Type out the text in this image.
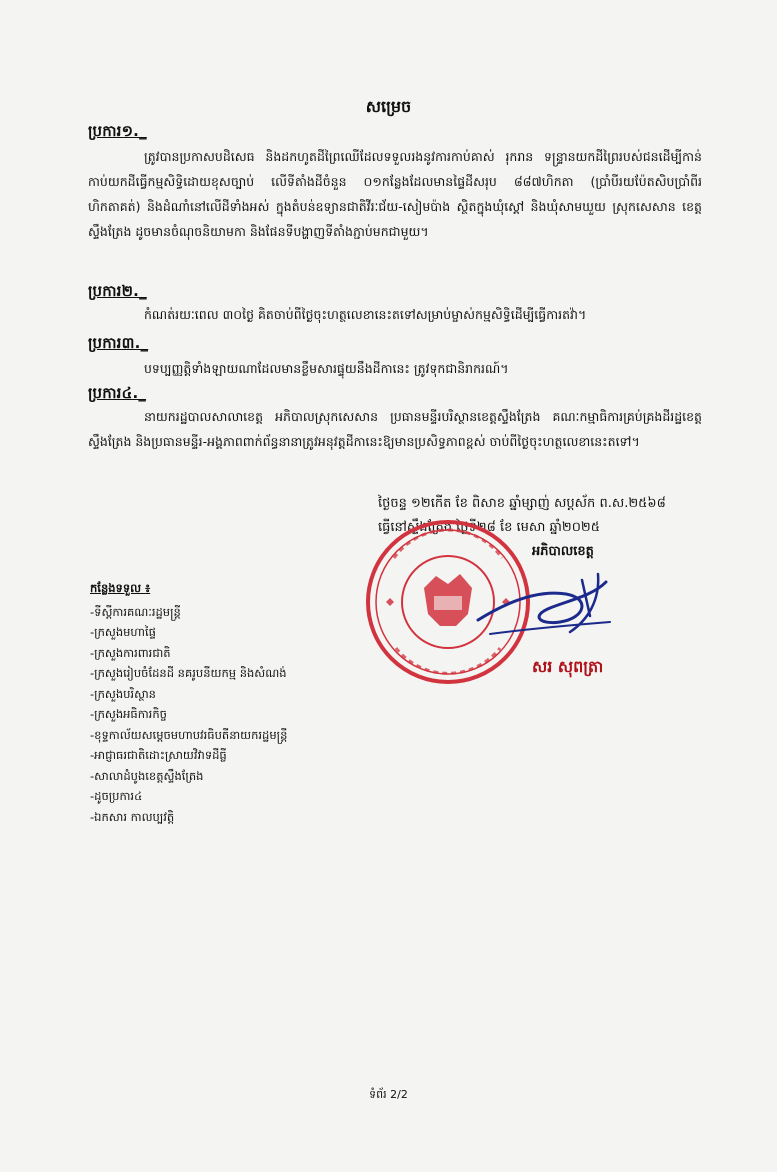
សម្រេច
ប្រការ១._
ត្រូវបានប្រកាសបដិសេធ និងដកហូតដីព្រៃឈើដែលទទួលរងនូវការកាប់គាស់ រុករាន ទន្ទ្រានយកដីព្រៃរបស់ជនដើម្បីកាន់កាប់យកដីធ្វើកម្មសិទ្ធិដោយខុសច្បាប់ លើទីតាំងដីចំនួន ០១កន្លែងដែលមានផ្ទៃដីសរុប ៨៨៧ហិកតា (ប្រាំបីរយប៉ែតសិបប្រាំពីរហិកតាគត់) និងដំណាំនៅលើដីទាំងអស់ ក្នុងតំបន់ឧទ្យានជាតិវីរៈជ័យ-សៀមប៉ាង ស្ថិតក្នុងឃុំស្តៅ និងឃុំសាមឃួយ ស្រុកសេសាន ខេត្តស្ទឹងត្រែង ដូចមានចំណុចនិយាមកា និងផែនទីបង្ហាញទីតាំងភ្ជាប់មកជាមួយ។
ប្រការ២._
កំណត់រយៈពេល ៣០ថ្ងៃ គិតចាប់ពីថ្ងៃចុះហត្ថលេខានេះតទៅសម្រាប់ម្ចាស់កម្មសិទ្ធិដើម្បីធ្វើការតវ៉ា។
ប្រការ៣._
បទប្បញ្ញត្តិទាំងឡាយណាដែលមានខ្លឹមសារផ្ទុយនឹងដីកានេះ ត្រូវទុកជានិរាករណ៍។
ប្រការ៤._
នាយករដ្ឋបាលសាលាខេត្ត អភិបាលស្រុកសេសាន ប្រធានមន្ទីរបរិស្ថានខេត្តស្ទឹងត្រែង គណៈកម្មាធិការគ្រប់គ្រងដីរដ្ឋខេត្តស្ទឹងត្រែង និងប្រធានមន្ទីរ-អង្គភាពពាក់ព័ន្ធនានាត្រូវអនុវត្តដីកានេះឱ្យមានប្រសិទ្ធភាពខ្ពស់ ចាប់ពីថ្ងៃចុះហត្ថលេខានេះតទៅ។
ថ្ងៃចន្ទ ១២កើត ខែ ពិសាខ ឆ្នាំម្សាញ់ សប្តស័ក ព.ស.២៥៦៨
ធ្វើនៅស្ទឹងត្រែង ថ្ងៃទី២៨ ខែ មេសា ឆ្នាំ២០២៥
អភិបាលខេត្ត
សរ សុពត្រា
កន្លែងទទួល ៖
-ទីស្តីការគណៈរដ្ឋមន្ត្រី
-ក្រសួងមហាផ្ទៃ
-ក្រសួងការពារជាតិ
-ក្រសួងរៀបចំដែនដី នគរូបនីយកម្ម និងសំណង់
-ក្រសួងបរិស្ថាន
-ក្រសួងអធិការកិច្ច
-ខុទ្ទកាល័យសម្តេចមហាបវរធិបតីនាយករដ្ឋមន្ត្រី
-អាជ្ញាធរជាតិដោះស្រាយវិវាទដីធ្លី
-សាលាដំបូងខេត្តស្ទឹងត្រែង
-ដូចប្រការ៤
-ឯកសារ កាលប្បវត្តិ
ទំព័រ 2/2
